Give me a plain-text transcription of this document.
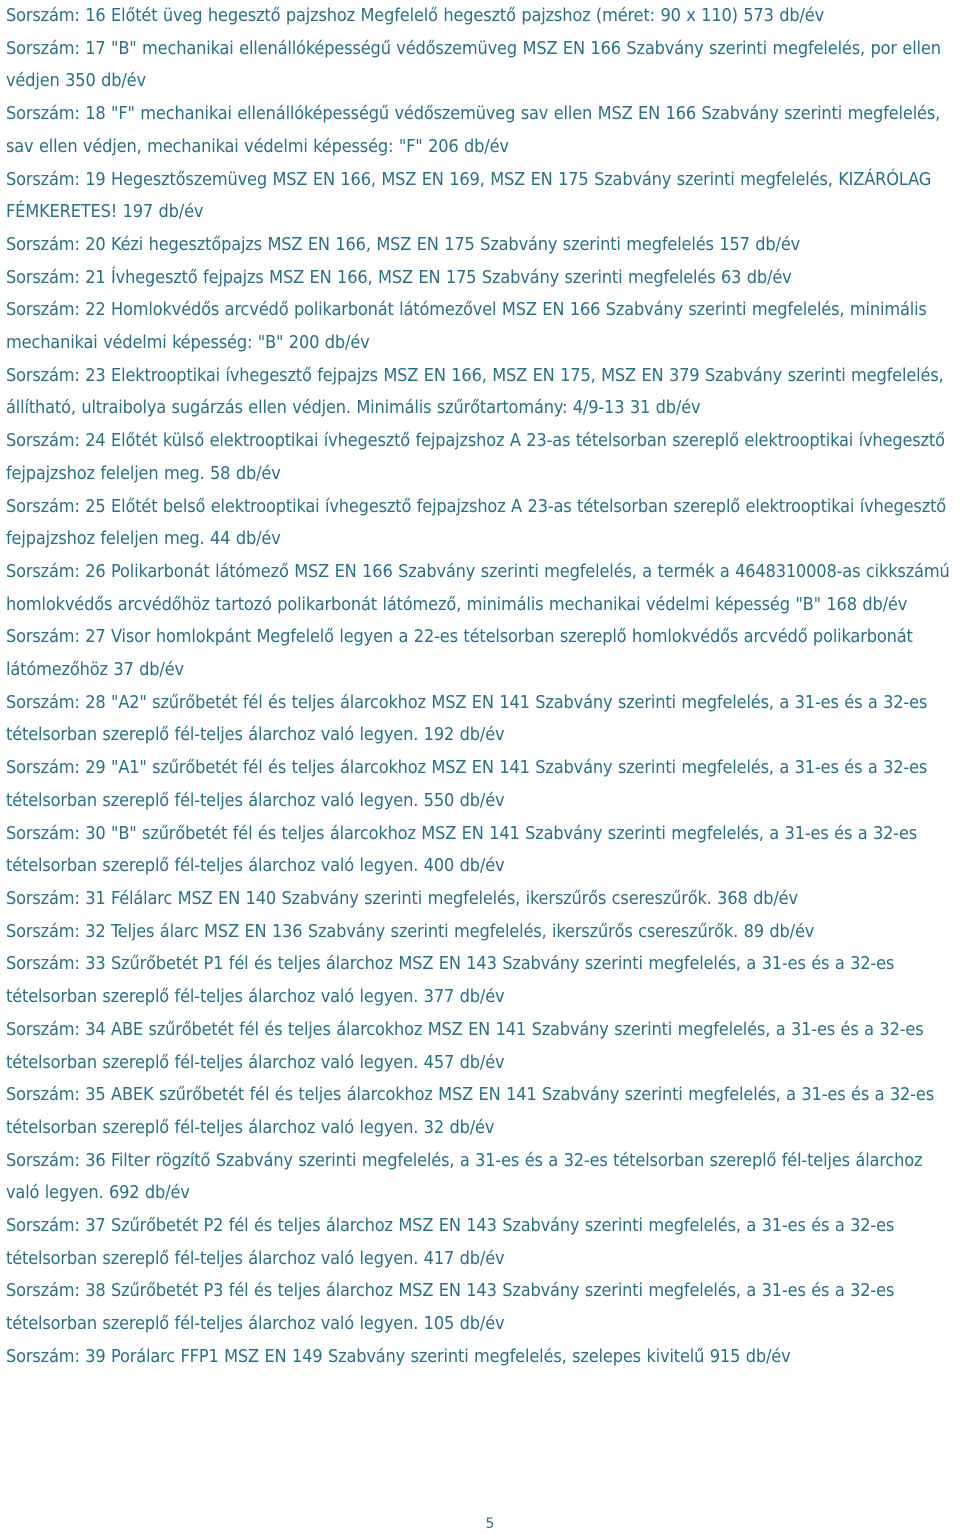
Sorszám: 16 Előtét üveg hegesztő pajzshoz Megfelelő hegesztő pajzshoz (méret: 90 x 110) 573 db/év

Sorszám: 17 "B" mechanikai ellenállóképességű védőszemüveg MSZ EN 166 Szabvány szerinti megfelelés, por ellen védjen 350 db/év

Sorszám: 18 "F" mechanikai ellenállóképességű védőszemüveg sav ellen MSZ EN 166 Szabvány szerinti megfelelés, sav ellen védjen, mechanikai védelmi képesség: "F" 206 db/év

Sorszám: 19 Hegesztőszemüveg MSZ EN 166, MSZ EN 169, MSZ EN 175 Szabvány szerinti megfelelés, KIZÁRÓLAG FÉMKERETES! 197 db/év

Sorszám: 20 Kézi hegesztőpajzs MSZ EN 166, MSZ EN 175 Szabvány szerinti megfelelés 157 db/év

Sorszám: 21 Ívhegesztő fejpajzs MSZ EN 166, MSZ EN 175 Szabvány szerinti megfelelés 63 db/év

Sorszám: 22 Homlokvédős arcvédő polikarbonát látómezővel MSZ EN 166 Szabvány szerinti megfelelés, minimális mechanikai védelmi képesség: "B" 200 db/év

Sorszám: 23 Elektrooptikai ívhegesztő fejpajzs MSZ EN 166, MSZ EN 175, MSZ EN 379 Szabvány szerinti megfelelés, állítható, ultraibolya sugárzás ellen védjen. Minimális szűrőtartomány: 4/9-13 31 db/év

Sorszám: 24 Előtét külső elektrooptikai ívhegesztő fejpajzshoz A 23-as tételsorban szereplő elektrooptikai ívhegesztő fejpajzshoz feleljen meg. 58 db/év

Sorszám: 25 Előtét belső elektrooptikai ívhegesztő fejpajzshoz A 23-as tételsorban szereplő elektrooptikai ívhegesztő fejpajzshoz feleljen meg. 44 db/év

Sorszám: 26 Polikarbonát látómező MSZ EN 166 Szabvány szerinti megfelelés, a termék a 4648310008-as cikkszámú homlokvédős arcvédőhöz tartozó polikarbonát látómező, minimális mechanikai védelmi képesség "B" 168 db/év

Sorszám: 27 Visor homlokpánt Megfelelő legyen a 22-es tételsorban szereplő homlokvédős arcvédő polikarbonát látómezőhöz 37 db/év

Sorszám: 28 "A2" szűrőbetét fél és teljes álarcokhoz MSZ EN 141 Szabvány szerinti megfelelés, a 31-es és a 32-es tételsorban szereplő fél-teljes álarchoz való legyen. 192 db/év

Sorszám: 29 "A1" szűrőbetét fél és teljes álarcokhoz MSZ EN 141 Szabvány szerinti megfelelés, a 31-es és a 32-es tételsorban szereplő fél-teljes álarchoz való legyen. 550 db/év

Sorszám: 30 "B" szűrőbetét fél és teljes álarcokhoz MSZ EN 141 Szabvány szerinti megfelelés, a 31-es és a 32-es tételsorban szereplő fél-teljes álarchoz való legyen. 400 db/év

Sorszám: 31 Félálarc MSZ EN 140 Szabvány szerinti megfelelés, ikerszűrős csereszűrők. 368 db/év

Sorszám: 32 Teljes álarc MSZ EN 136 Szabvány szerinti megfelelés, ikerszűrős csereszűrők. 89 db/év

Sorszám: 33 Szűrőbetét P1 fél és teljes álarchoz MSZ EN 143 Szabvány szerinti megfelelés, a 31-es és a 32-es tételsorban szereplő fél-teljes álarchoz való legyen. 377 db/év

Sorszám: 34 ABE szűrőbetét fél és teljes álarcokhoz MSZ EN 141 Szabvány szerinti megfelelés, a 31-es és a 32-es tételsorban szereplő fél-teljes álarchoz való legyen. 457 db/év

Sorszám: 35 ABEK szűrőbetét fél és teljes álarcokhoz MSZ EN 141 Szabvány szerinti megfelelés, a 31-es és a 32-es tételsorban szereplő fél-teljes álarchoz való legyen. 32 db/év

Sorszám: 36 Filter rögzítő Szabvány szerinti megfelelés, a 31-es és a 32-es tételsorban szereplő fél-teljes álarchoz való legyen. 692 db/év

Sorszám: 37 Szűrőbetét P2 fél és teljes álarchoz MSZ EN 143 Szabvány szerinti megfelelés, a 31-es és a 32-es tételsorban szereplő fél-teljes álarchoz való legyen. 417 db/év

Sorszám: 38 Szűrőbetét P3 fél és teljes álarchoz MSZ EN 143 Szabvány szerinti megfelelés, a 31-es és a 32-es tételsorban szereplő fél-teljes álarchoz való legyen. 105 db/év

Sorszám: 39 Porálarc FFP1 MSZ EN 149 Szabvány szerinti megfelelés, szelepes kivitelű 915 db/év

5
